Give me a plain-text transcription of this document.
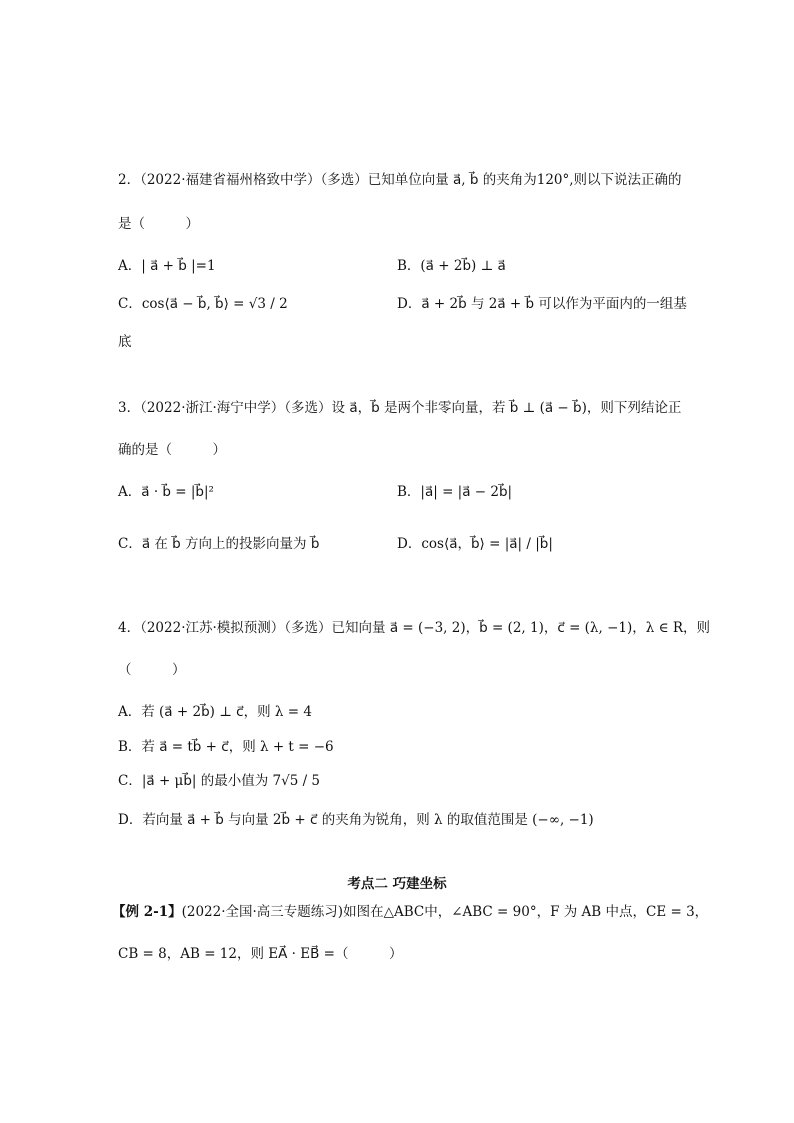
2．（2022·福建省福州格致中学）（多选）已知单位向量 a⃗, b⃗ 的夹角为120°,则以下说法正确的
是（　　　）
A．| a⃗ + b⃗ |=1	B．(a⃗ + 2b⃗) ⊥ a⃗
C．cos⟨a⃗ − b⃗, b⃗⟩ = √3 / 2	D．a⃗ + 2b⃗ 与 2a⃗ + b⃗ 可以作为平面内的一组基
底
3．（2022·浙江·海宁中学）（多选）设 a⃗，b⃗ 是两个非零向量，若 b⃗ ⊥ (a⃗ − b⃗)，则下列结论正
确的是（　　　）
A．a⃗ · b⃗ = |b⃗|²	B．|a⃗| = |a⃗ − 2b⃗|
C．a⃗ 在 b⃗ 方向上的投影向量为 b⃗	D．cos⟨a⃗，b⃗⟩ = |a⃗| / |b⃗|
4．（2022·江苏·模拟预测）（多选）已知向量 a⃗ = (−3, 2)，b⃗ = (2, 1)，c⃗ = (λ, −1)，λ ∈ R，则
（　　　）
A．若 (a⃗ + 2b⃗) ⊥ c⃗，则 λ = 4
B．若 a⃗ = tb⃗ + c⃗，则 λ + t = −6
C．|a⃗ + μb⃗| 的最小值为 7√5 / 5
D．若向量 a⃗ + b⃗ 与向量 2b⃗ + c⃗ 的夹角为锐角，则 λ 的取值范围是 (−∞, −1)
考点二 巧建坐标
【例 2-1】(2022·全国·高三专题练习)如图在△ABC中，∠ABC = 90°，F 为 AB 中点，CE = 3，
CB = 8，AB = 12，则 EA⃗ · EB⃗ =（　　　）
